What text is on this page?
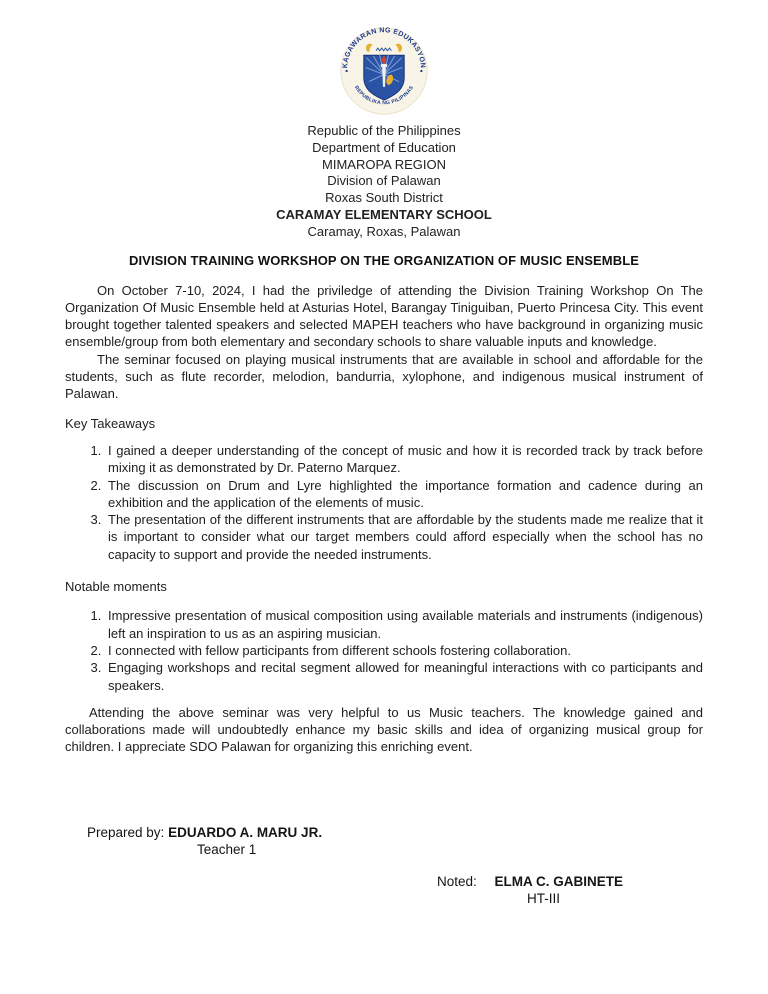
KAGAWARAN NG EDUKASYON
REPUBLIKA NG PILIPINAS
Republic of the Philippines
Department of Education
MIMAROPA REGION
Division of Palawan
Roxas South District
CARAMAY ELEMENTARY SCHOOL
Caramay, Roxas, Palawan
DIVISION TRAINING WORKSHOP ON THE ORGANIZATION OF MUSIC ENSEMBLE

On October 7-10, 2024, I had the priviledge of attending the Division Training Workshop On The Organization Of Music Ensemble held at Asturias Hotel, Barangay Tiniguiban, Puerto Princesa City. This event brought together talented speakers and selected MAPEH teachers who have background in organizing music ensemble/group from both elementary and secondary schools to share valuable inputs and knowledge.

The seminar focused on playing musical instruments that are available in school and affordable for the students, such as flute recorder, melodion, bandurria, xylophone, and indigenous musical instrument of Palawan.

Key Takeaways
1. I gained a deeper understanding of the concept of music and how it is recorded track by track before mixing it as demonstrated by Dr. Paterno Marquez.
2. The discussion on Drum and Lyre highlighted the importance formation and cadence during an exhibition and the application of the elements of music.
3. The presentation of the different instruments that are affordable by the students made me realize that it is important to consider what our target members could afford especially when the school has no capacity to support and provide the needed instruments.
Notable moments
1. Impressive presentation of musical composition using available materials and instruments (indigenous) left an inspiration to us as an aspiring musician.
2. I connected with fellow participants from different schools fostering collaboration.
3. Engaging workshops and recital segment allowed for meaningful interactions with co participants and speakers.

Attending the above seminar was very helpful to us Music teachers. The knowledge gained and collaborations made will undoubtedly enhance my basic skills and idea of organizing musical group for children. I appreciate SDO Palawan for organizing this enriching event.

Prepared by: EDUARDO A. MARU JR.
Teacher 1
Noted: ELMA C. GABINETE
HT-III
